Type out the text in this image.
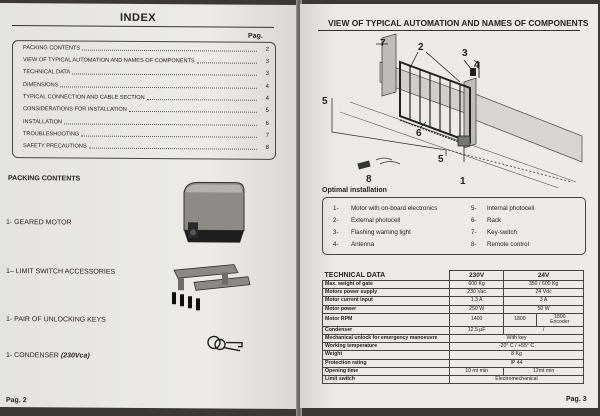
INDEX
Pag.
PACKING CONTENTS	2
VIEW OF TYPICAL AUTOMATION AND NAMES OF COMPONENTS	3
TECHNICAL DATA	3
DIMENSIONS	4
TYPICAL CONNECTION AND CABLE SECTION	4
CONSIDERATIONS FOR INSTALLATION	5
INSTALLATION	6
TROUBLESHOOTING	7
SAFETY PRECAUTIONS	8
PACKING CONTENTS
1- GEARED MOTOR
1– LIMIT SWITCH ACCESSORIES
1- PAIR OF UNLOCKING KEYS
1- CONDENSER (230Vca)
Pag. 2
VIEW OF TYPICAL AUTOMATION AND NAMES OF COMPONENTS
7	2
3
4
5
6
5
8	1
Optimal installation
1- Motor with on-board electronics
2- External photocell
3- Flashing warning light
4- Antenna
5- Internal photocell
6- Rack
7- Key-switch
8- Remote control
TECHNICAL DATA	230V	24V	
Max. weight of gate	600 Kg	350 / 600 Kg	
Motors power supply	230 Vac	24 Vdc	
Motor current input	1.3 A	3 A	
Motor power	250 W	50 W	
Motor RPM	1400	1800	1800
Encoder
Condenser	12,5 µF	/	
Mechanical unlock for emergency manoeuvre	With key		
Working temperature	-20° C / +55° C		
Weight	8 Kg		
Protection rating	IP 44		
Opening time	10 mt min	12mt min	
Limit switch	Electromechanical		
Pag. 3
